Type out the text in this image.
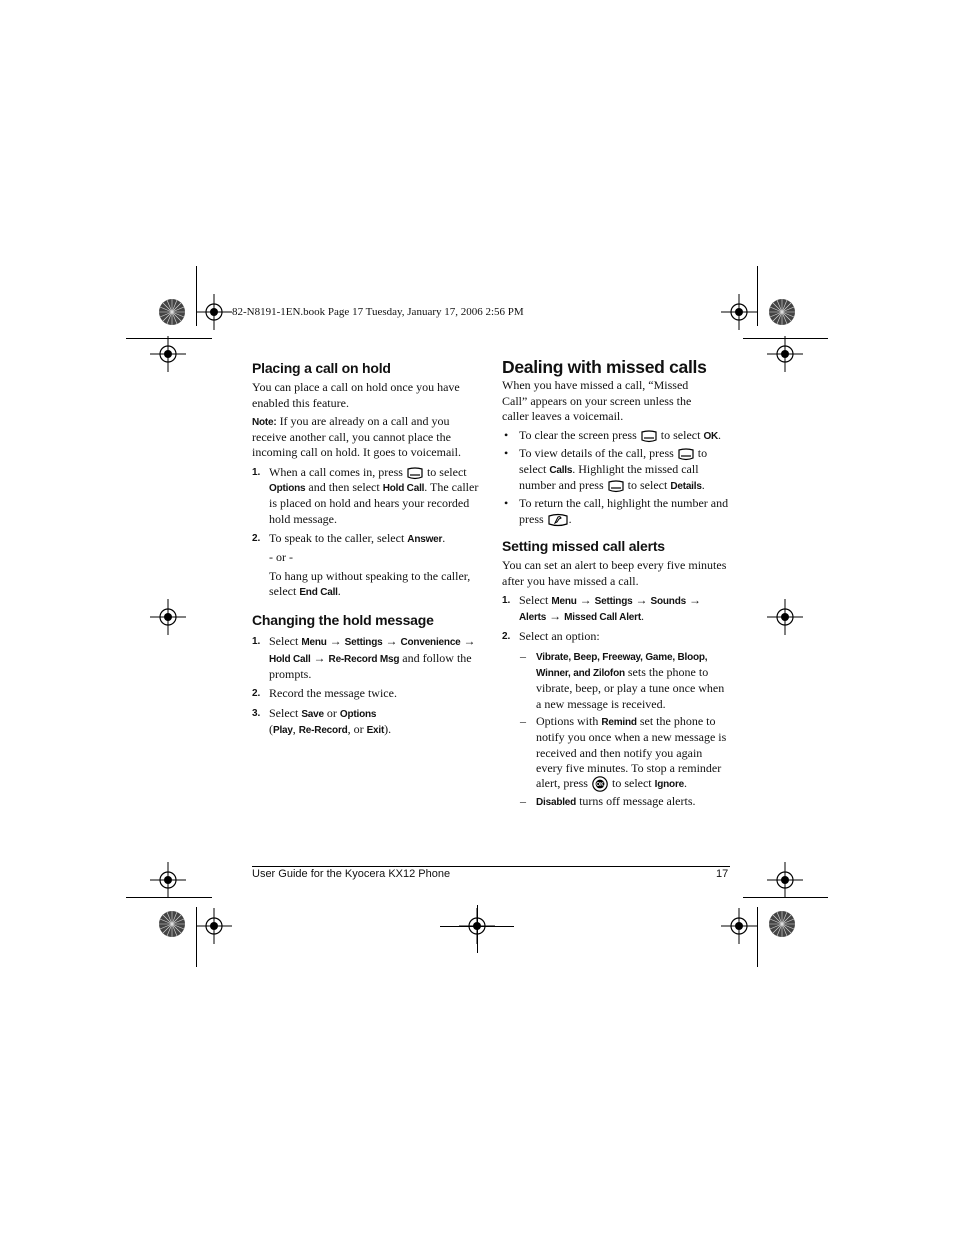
82-N8191-1EN.book Page 17 Tuesday, January 17, 2006 2:56 PM
Placing a call on hold

You can place a call on hold once you have enabled this feature.

Note: If you are already on a call and you receive another call, you cannot place the incoming call on hold. It goes to voicemail.

1. When a call comes in, press to select Options and then select Hold Call. The caller is placed on hold and hears your recorded hold message.
2. To speak to the caller, select Answer.

- or -

To hang up without speaking to the caller, select End Call.

Changing the hold message
1. Select Menu → Settings → Convenience → Hold Call → Re-Record Msg and follow the prompts.
2. Record the message twice.
3. Select Save or Options
(Play, Re-Record, or Exit).
Dealing with missed calls

When you have missed a call, “Missed Call” appears on your screen unless the caller leaves a voicemail.

• To clear the screen press to select OK.
• To view details of the call, press to select Calls. Highlight the missed call number and press to select Details.
• To return the call, highlight the number and press .
Setting missed call alerts

You can set an alert to beep every five minutes after you have missed a call.

1. Select Menu → Settings → Sounds → Alerts → Missed Call Alert.
2. Select an option:
– Vibrate, Beep, Freeway, Game, Bloop, Winner, and Zilofon sets the phone to vibrate, beep, or play a tune once when a new message is received.
– Options with Remind set the phone to notify you once when a new message is received and then notify you again every five minutes. To stop a reminder alert, press OK to select Ignore.
– Disabled turns off message alerts.
User Guide for the Kyocera KX12 Phone	17
